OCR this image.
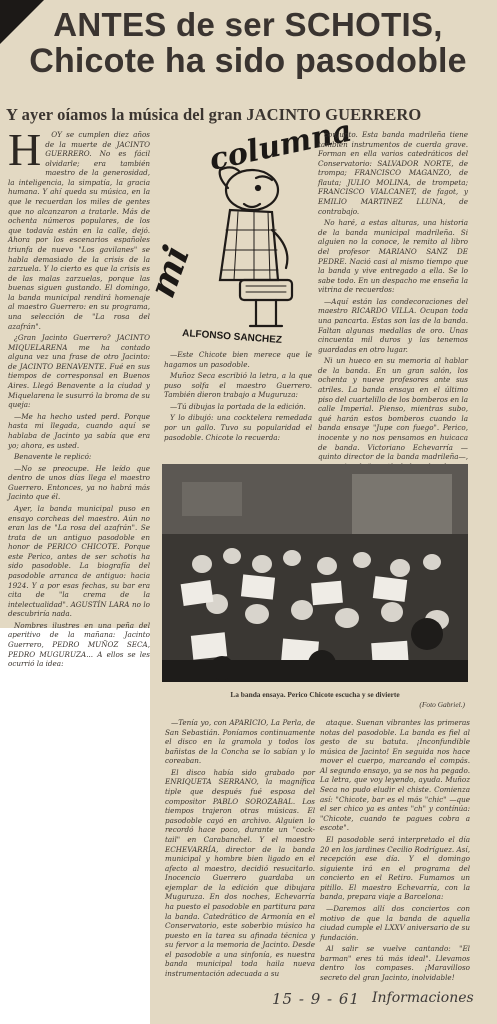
ANTES de ser SCHOTIS,
Chicote ha sido pasodoble
Y ayer oíamos la música del gran JACINTO GUERRERO
H	OY se cumplen diez años de la muerte de JACINTO GUERRERO. No es fácil olvidarle; era también maestro de la generosidad, la inteligencia, la simpatía, la gracia humana. Y ahí queda su música, en la que le recuerdan los miles de gentes que no alcanzaron a tratarle. Más de ochenta números populares, de los que todavía están en la calle, dejó. Ahora por los escenarios españoles triunfa de nuevo "Los gavilanes" se habla demasiado de la crisis de la zarzuela. Y lo cierto es que la crisis es de las malas zarzuelas, porque las buenas siguen gustando. El domingo, la banda municipal rendirá homenaje al maestro Guerrero: en su programa, una selección de "La rosa del azafrán".

¿Gran Jacinto Guerrero? JACINTO MIQUELARENA me ha contado alguna vez una frase de otro Jacinto: de JACINTO BENAVENTE. Fué en sus tiempos de corresponsal en Buenos Aires. Llegó Benavente a la ciudad y Miquelarena le susurró la broma de su queja:

—Me ha hecho usted perd. Porque hasta mi llegada, cuando aquí se hablaba de Jacinto ya sabía que era yo; ahora, es usted.

Benavente le replicó:

—No se preocupe. He leído que dentro de unos días llega el maestro Guerrero. Entonces, ya no habrá más Jacinto que él.

Ayer, la banda municipal puso en ensayo corcheas del maestro. Aún no eran las de "La rosa del azafrán". Se trata de un antiguo pasodoble en honor de PERICO CHICOTE. Porque este Perico, antes de ser schotis ha sido pasodoble. La biografía del pasodoble arranca de antiguo: hacia 1924. Y a por esas fechas, su bar era cita de "la crema de la intelectualidad". AGUSTÍN LARA no lo descubriría nada.

Nombres ilustres en una peña del aperitivo de la mañana: Jacinto Guerrero, PEDRO MUÑOZ SECA, PEDRO MUGURUZA... A ellos se les ocurrió la idea:

columna
mi
ALFONSO SANCHEZ

—Este Chicote bien merece que le hagamos un pasodoble.

Muñoz Seca escribió la letra, a la que puso solfa el maestro Guerrero. También dieron trabajo a Muguruza:

—Tú dibujas la portada de la edición.

Y lo dibujó: una cocktelera remedada por un gallo. Tuvo su popularidad el pasodoble. Chicote lo recuerda:

conjunto. Esta banda madrileña tiene también instrumentos de cuerda grave. Forman en ella varios catedráticos del Conservatorio: SALVADOR NORTE, de trompa; FRANCISCO MAGANZO, de flauta; JULIO MOLINA, de trompeta; FRANCISCO VIALCANET, de fagot, y EMILIO MARTINEZ LLUNA, de contrabajo.

No haré, a estas alturas, una historia de la banda municipal madrileña. Si alguien no la conoce, le remito al libro del profesor MARIANO SANZ DE PEDRE. Nació casi al mismo tiempo que la banda y vive entregado a ella. Se lo sabe todo. En un despacho me enseña la vitrina de recuerdos:

—Aquí están las condecoraciones del maestro RICARDO VILLA. Ocupan toda una pancarta. Estas son las de la banda. Faltan algunas medallas de oro. Unas cincuenta mil duros y las tenemos guardadas en otro lugar.

Ni un hueco en su memoria al hablar de la banda. En un gran salón, los ochenta y nueve profesores ante sus atriles. La banda ensaya en el último piso del cuartelillo de los bomberos en la calle Imperial. Pienso, mientras subo, qué harán estos bomberos cuando la banda ensaye "Jupe con fuego". Perico, inocente y no nos pensamos en huicaca de banda. Victoriano Echevarría —quinto director de la banda madrileña—,

La banda ensaya. Perico Chicote escucha y se divierte
(Foto Gabriel.)

—Tenía yo, con APARICIO, La Perla, de San Sebastián. Poníamos continuamente el disco en la gramola y todos los bañistas de la Concha se lo sabían y lo coreaban.

El disco había sido grabado por ENRIQUETA SERRANO, la magnífica tiple que después fué esposa del compositor PABLO SOROZABAL. Los tiempos trajeron otras músicas. El pasodoble cayó en archivo. Alguien lo recordó hace poco, durante un "cock-tail" en Carabanchel. Y el maestro ECHEVARRÍA, director de la banda municipal y hombre bien ligado en el afecto al maestro, decidió resucitarlo. Inocencio Guerrero guardaba un ejemplar de la edición que dibujara Muguruza. En dos noches, Echevarría ha puesto el pasodoble en partitura para la banda. Catedrático de Armonía en el Conservatorio, este soberbio músico ha puesto en la tarea su afinada técnica y su fervor a la memoria de Jacinto. Desde el pasodoble a una sinfonía, es nuestra banda municipal toda haila nueva instrumentación adecuada a su

ataque. Suenan vibrantes las primeras notas del pasodoble. La banda es fiel al gesto de su batuta. ¡Inconfundible música de Jacinto! En seguida nos hace mover el cuerpo, marcando el compás. Al segundo ensayo, ya se nos ha pegado. La letra, que voy leyendo, ayuda. Muñoz Seca no pudo eludir el chiste. Comienza así: "Chicote, bar es el más "chic" —que el ser chico ya es antes "ch" y contínúa: "Chicote, cuando te pagues cobra a escote".

El pasodoble será interpretado el día 20 en los jardines Cecilio Rodríguez. Así, recepción ese día. Y el domingo siguiente irá en el programa del concierto en el Retiro. Fumamos un pitillo. El maestro Echevarría, con la banda, prepara viaje a Barcelona:

—Daremos allí dos conciertos con motivo de que la banda de aquella ciudad cumple el LXXV aniversario de su fundación.

Al salir se vuelve cantando: "El barman" eres tú más ideal". Llevamos dentro los compases. ¡Maravilloso secreto del gran Jacinto, inolvidable!

15 - 9 - 61 Informaciones
